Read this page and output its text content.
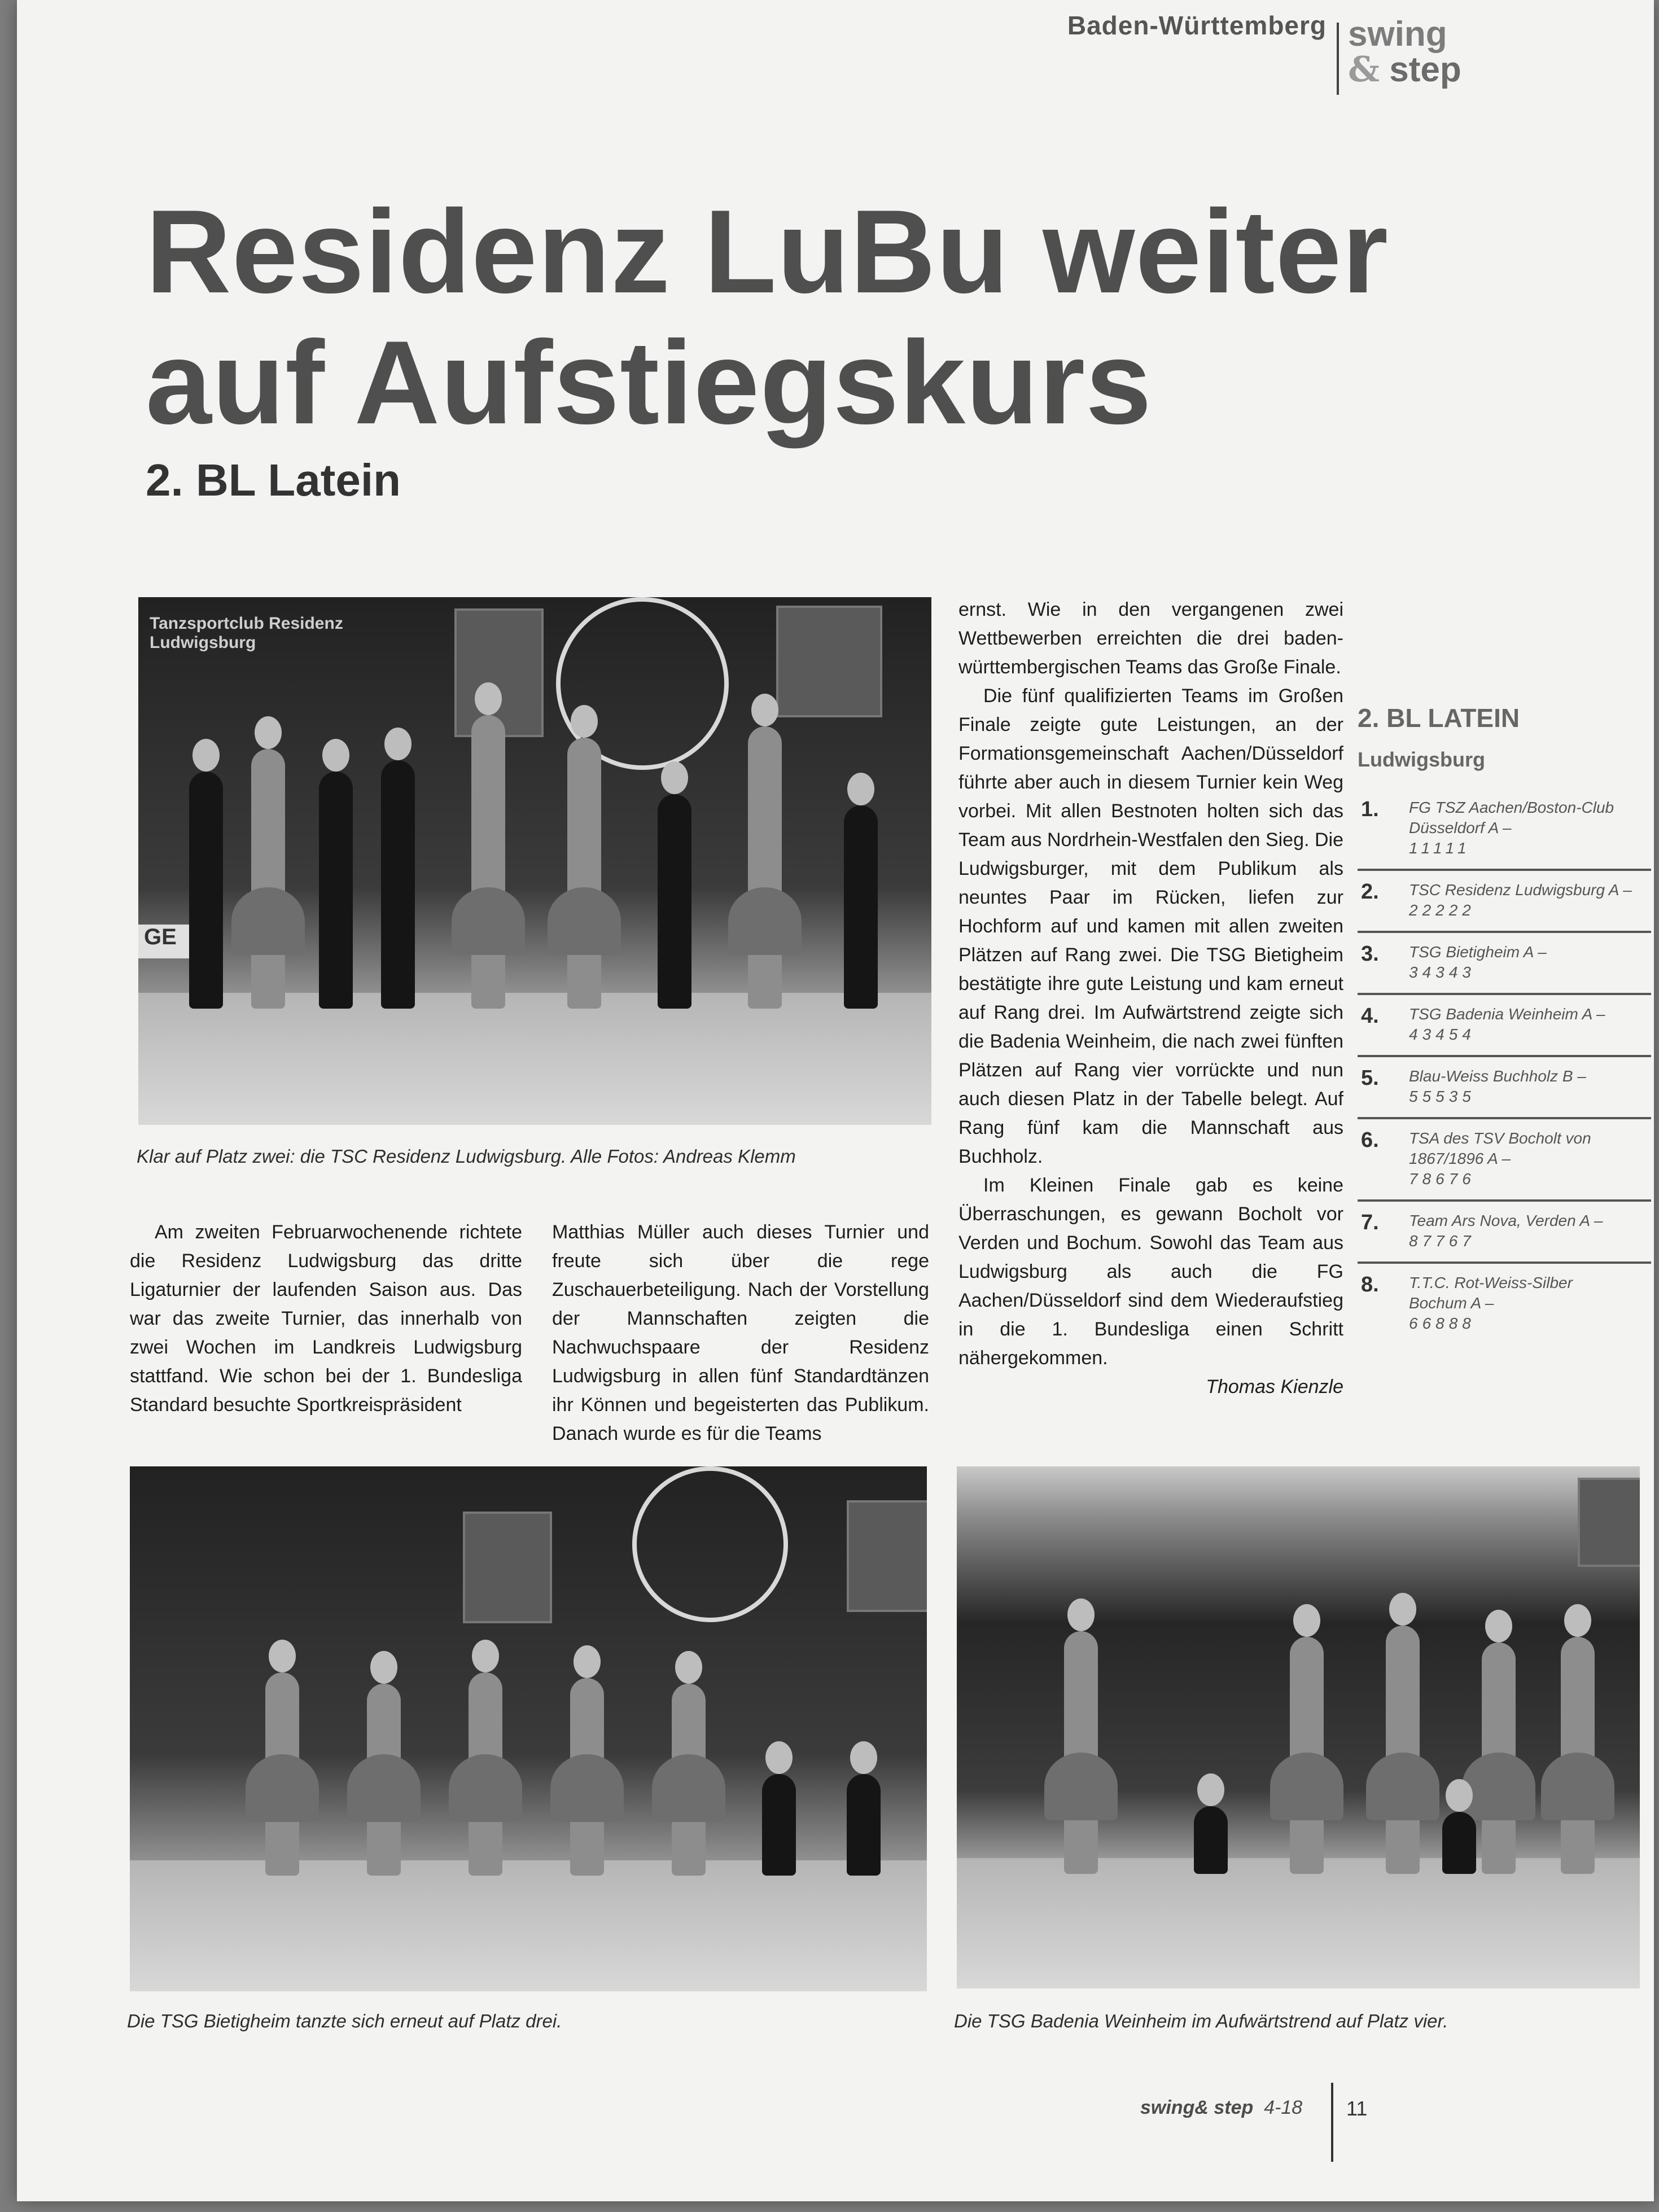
Baden-Württemberg swing
& step
Residenz LuBu weiter
auf Aufstiegskurs
2. BL Latein
GE
Tanzsportclub Residenz Ludwigsburg
Klar auf Platz zwei: die TSC Residenz Ludwigsburg. Alle Fotos: Andreas Klemm

Am zweiten Februarwochenende richtete die Residenz Ludwigsburg das dritte Ligaturnier der laufenden Saison aus. Das war das zweite Turnier, das innerhalb von zwei Wochen im Landkreis Ludwigsburg stattfand. Wie schon bei der 1. Bundesliga Standard besuchte Sportkreispräsident

Matthias Müller auch dieses Turnier und freute sich über die rege Zuschauerbeteiligung. Nach der Vorstellung der Mannschaften zeigten die Nachwuchspaare der Residenz Ludwigsburg in allen fünf Standardtänzen ihr Können und begeisterten das Publikum. Danach wurde es für die Teams

ernst. Wie in den vergangenen zwei Wettbewerben erreichten die drei baden-württembergischen Teams das Große Finale.

Die fünf qualifizierten Teams im Großen Finale zeigte gute Leistungen, an der Formationsgemeinschaft Aachen/Düsseldorf führte aber auch in diesem Turnier kein Weg vorbei. Mit allen Bestnoten holten sich das Team aus Nordrhein-Westfalen den Sieg. Die Ludwigsburger, mit dem Publikum als neuntes Paar im Rücken, liefen zur Hochform auf und kamen mit allen zweiten Plätzen auf Rang zwei. Die TSG Bietigheim bestätigte ihre gute Leistung und kam erneut auf Rang drei. Im Aufwärtstrend zeigte sich die Badenia Weinheim, die nach zwei fünften Plätzen auf Rang vier vorrückte und nun auch diesen Platz in der Tabelle belegt. Auf Rang fünf kam die Mannschaft aus Buchholz.

Im Kleinen Finale gab es keine Überraschungen, es gewann Bocholt vor Verden und Bochum. Sowohl das Team aus Ludwigsburg als auch die FG Aachen/Düsseldorf sind dem Wiederaufstieg in die 1. Bundesliga einen Schritt nähergekommen.

Thomas Kienzle

2. BL LATEIN
Ludwigsburg
1.	FG TSZ Aachen/Boston-Club Düsseldorf A –
11111
2.	TSC Residenz Ludwigsburg A –
22222
3.	TSG Bietigheim A –
34343
4.	TSG Badenia Weinheim A –
43454
5.	Blau-Weiss Buchholz B –
55535
6.	TSA des TSV Bocholt von 1867/1896 A –
78676
7.	Team Ars Nova, Verden A –
87767
8.	T.T.C. Rot-Weiss-Silber Bochum A –
66888
Die TSG Bietigheim tanzte sich erneut auf Platz drei.	Die TSG Badenia Weinheim im Aufwärtstrend auf Platz vier.
swing& step 4-18 11
